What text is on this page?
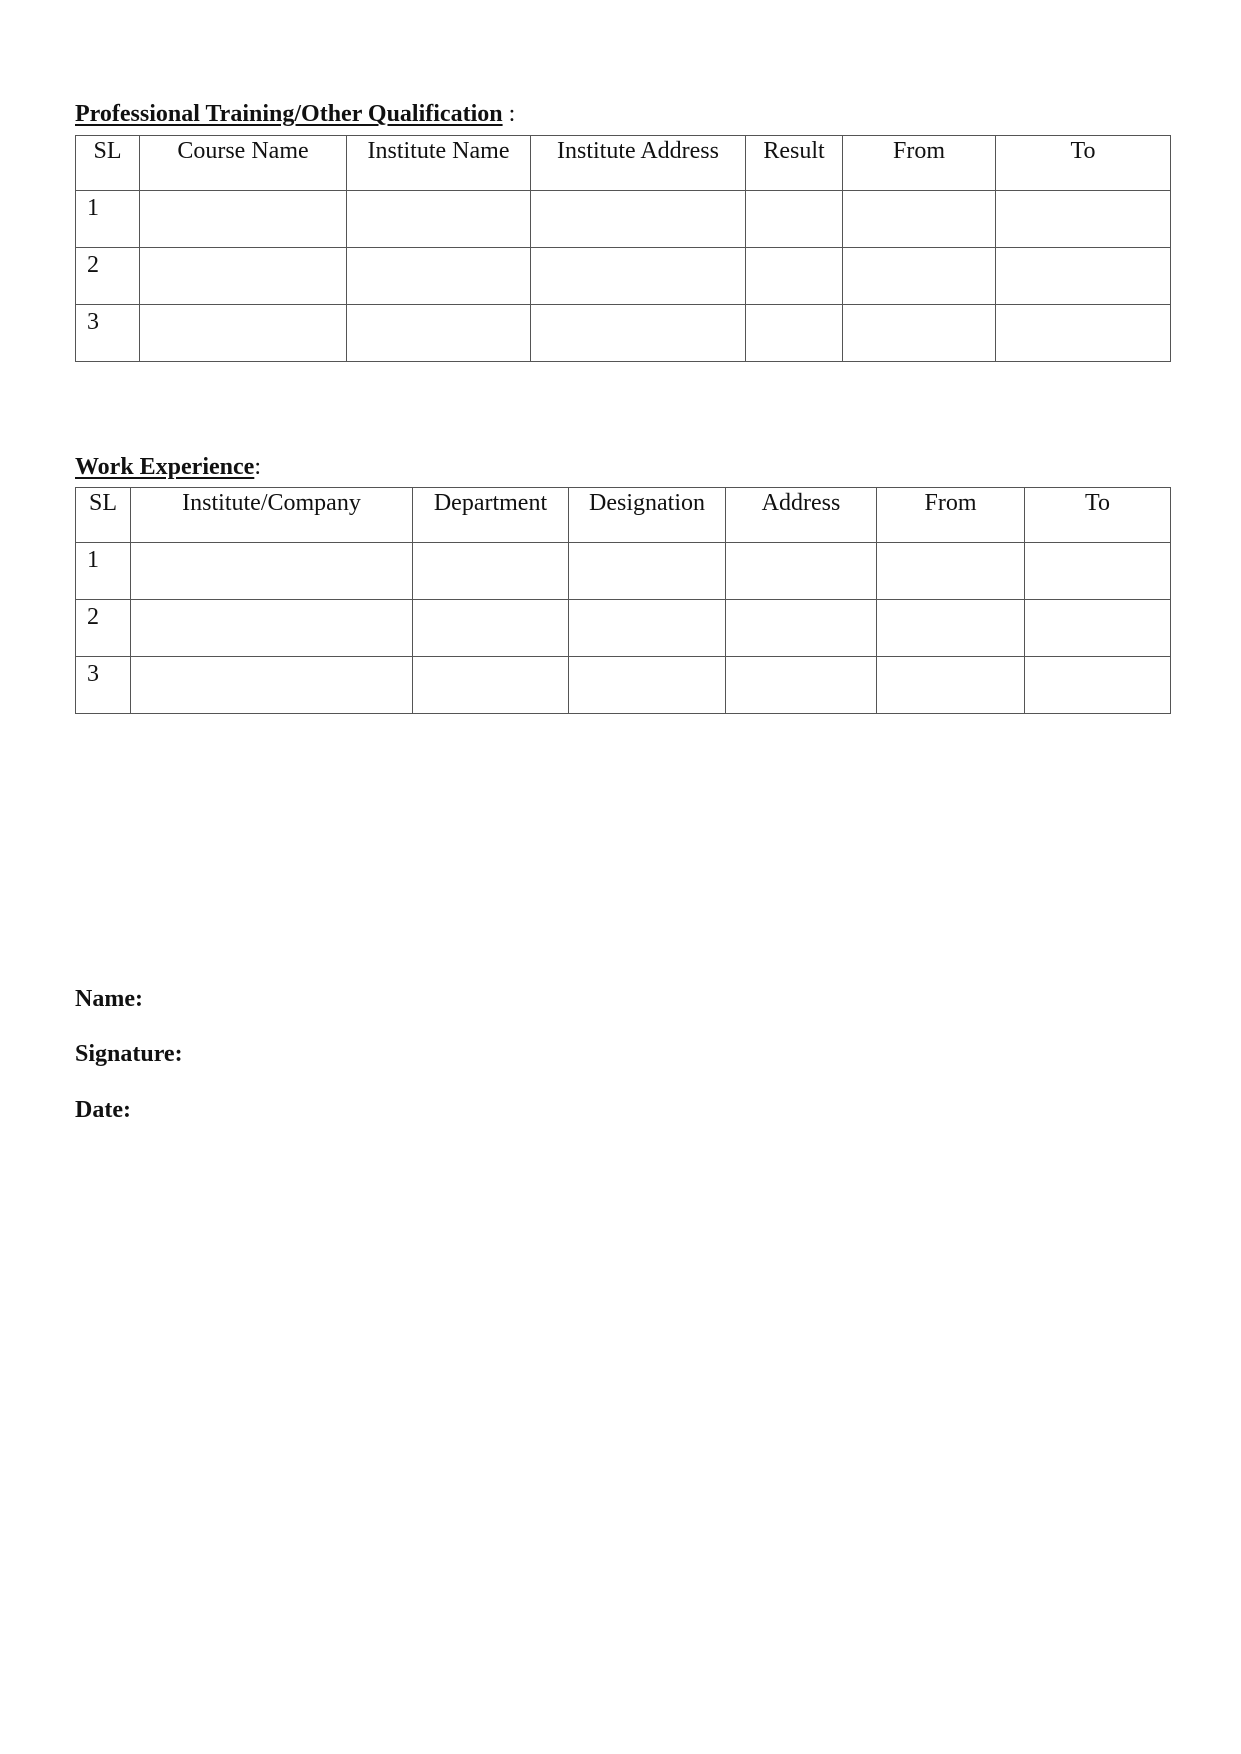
Professional Training/Other Qualification :
SL	Course Name	Institute Name	Institute Address	Result	From	To
1						
2						
3						
Work Experience:
SL	Institute/Company	Department	Designation	Address	From	To
1						
2						
3						
Name:
Signature:
Date:
